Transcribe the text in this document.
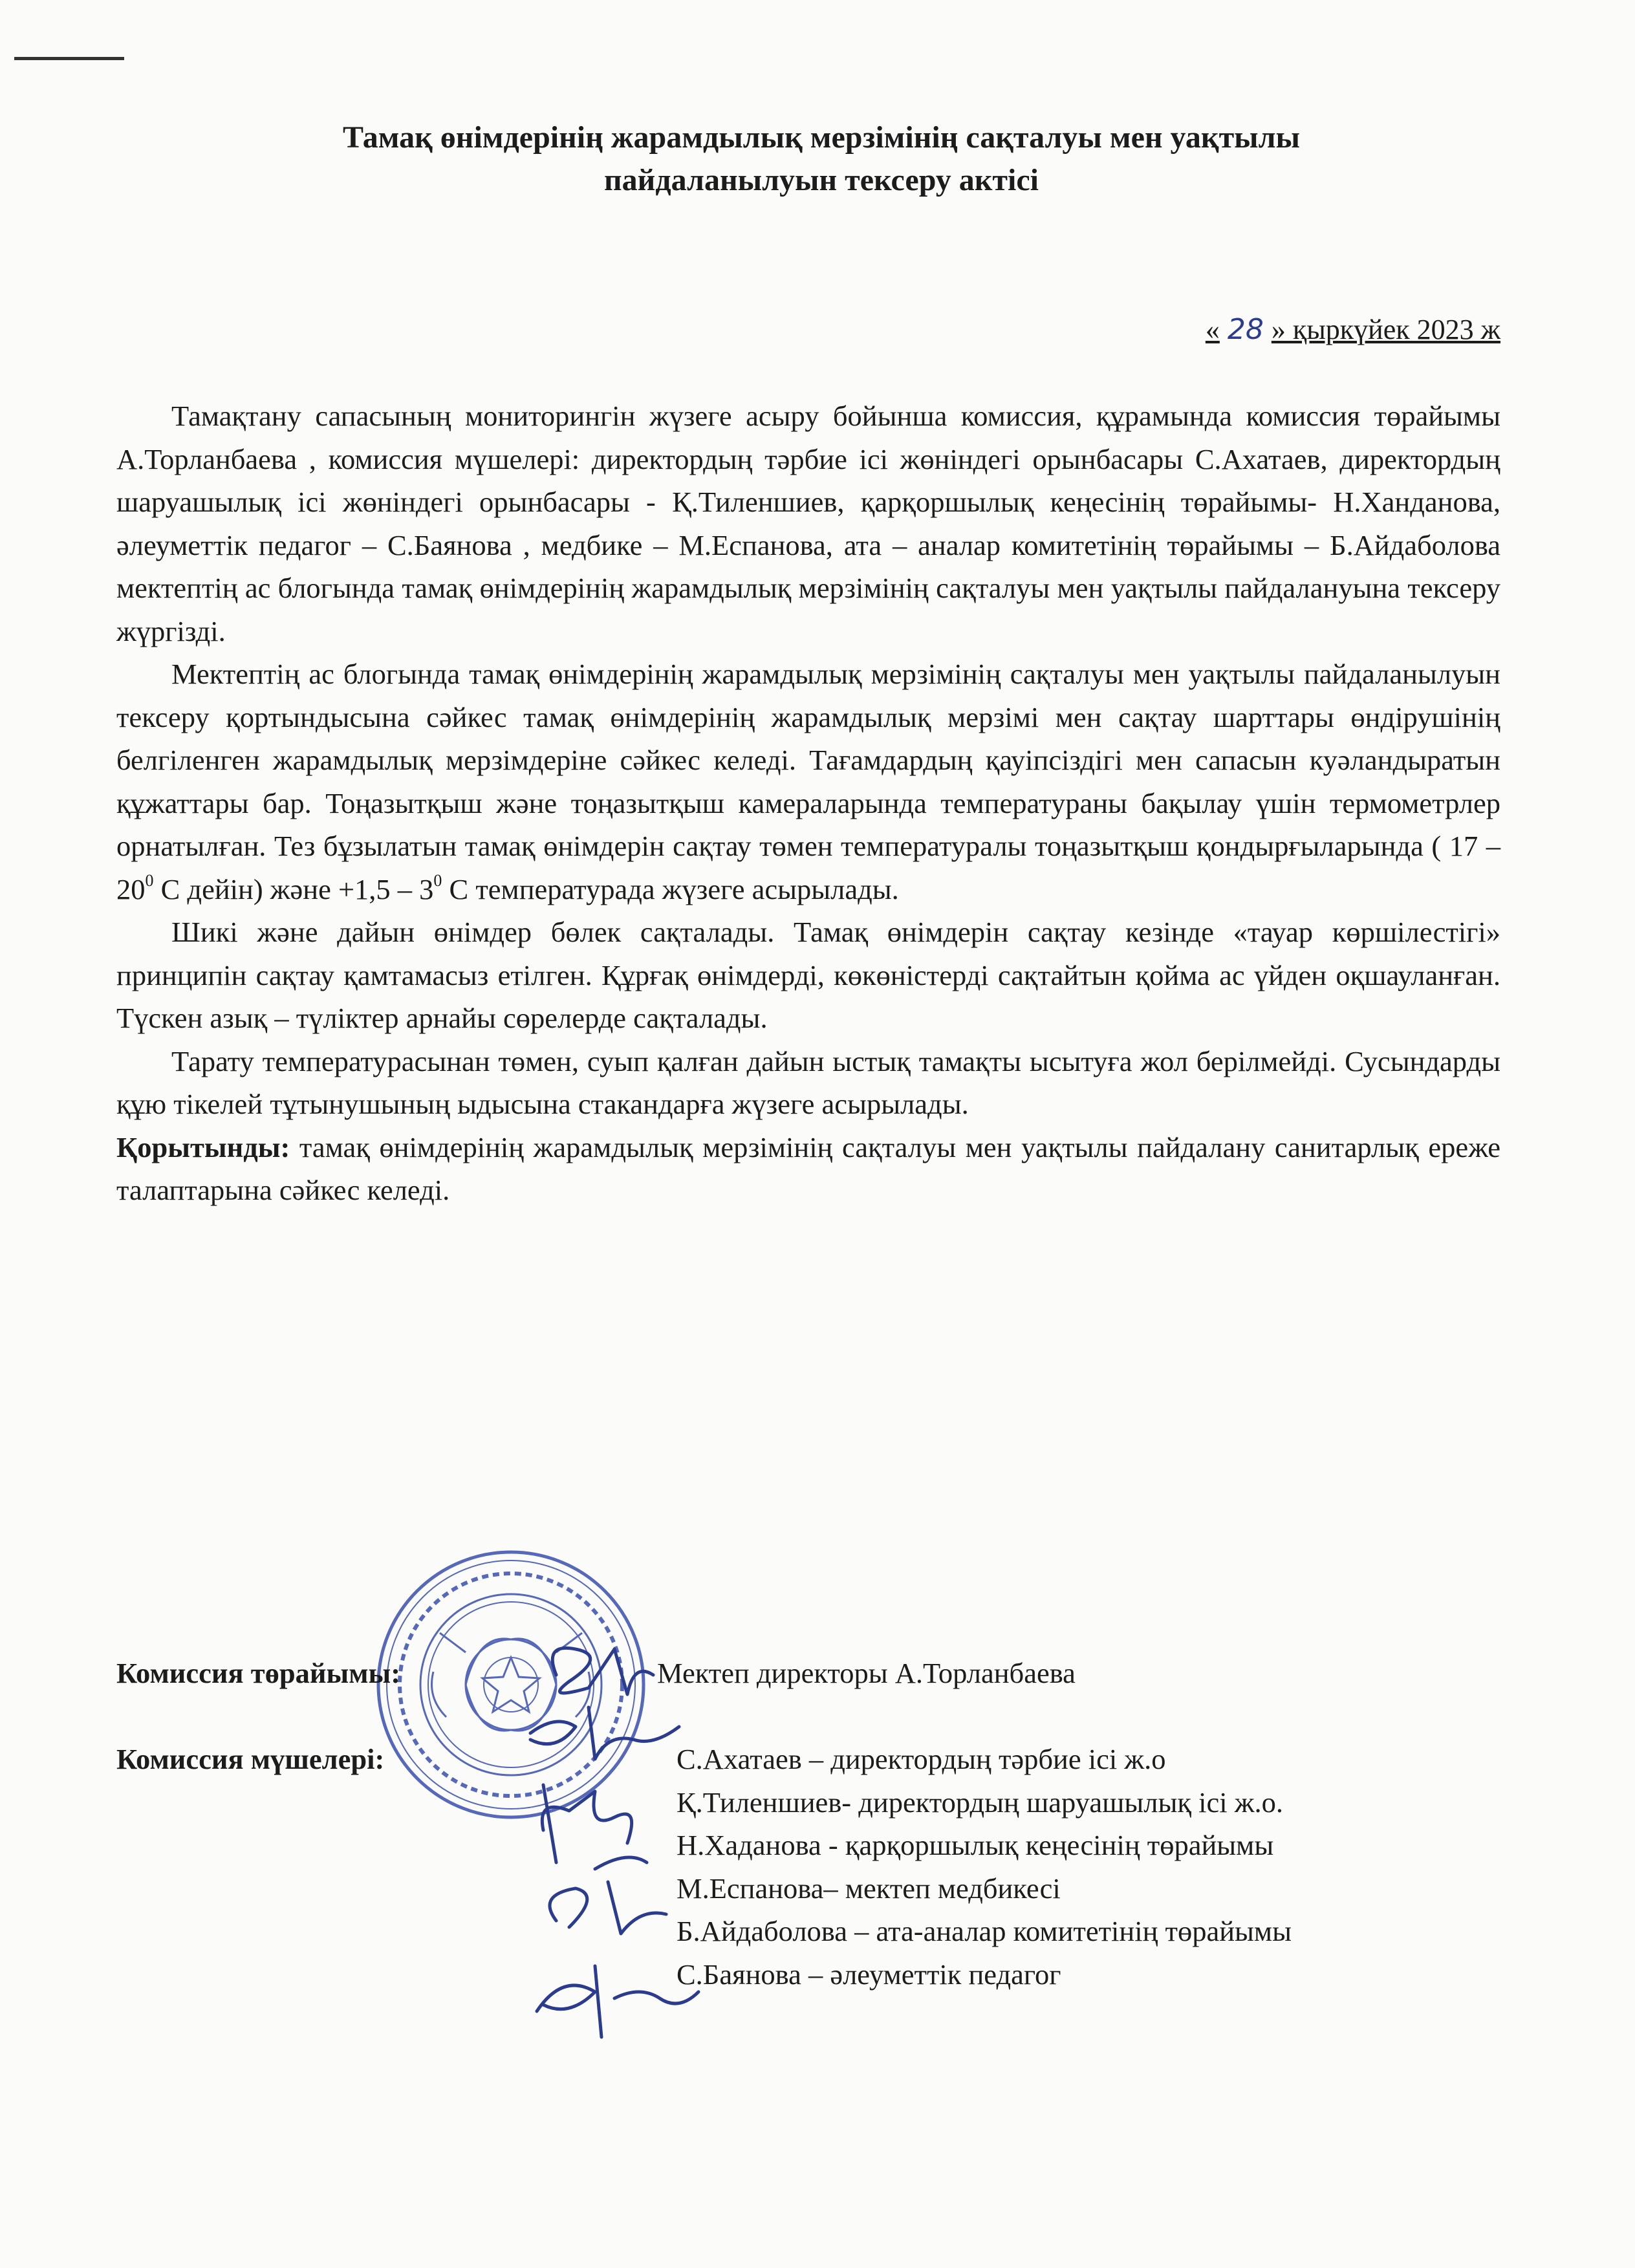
Тамақ өнімдерінің жарамдылық мерзімінің сақталуы мен уақтылы
пайдаланылуын тексеру актісі
« 28 » қыркүйек 2023 ж

Тамақтану сапасының мониторингін жүзеге асыру бойынша комиссия, құрамында комиссия төрайымы А.Торланбаева , комиссия мүшелері: директордың тәрбие ісі жөніндегі орынбасары С.Ахатаев, директордың шаруашылық ісі жөніндегі орынбасары - Қ.Тиленшиев, қарқоршылық кеңесінің төрайымы- Н.Ханданова, әлеуметтік педагог – С.Баянова , медбике – М.Еспанова, ата – аналар комитетінің төрайымы – Б.Айдаболова мектептің ас блогында тамақ өнімдерінің жарамдылық мерзімінің сақталуы мен уақтылы пайдалануына тексеру жүргізді.

Мектептің ас блогында тамақ өнімдерінің жарамдылық мерзімінің сақталуы мен уақтылы пайдаланылуын тексеру қортындысына сәйкес тамақ өнімдерінің жарамдылық мерзімі мен сақтау шарттары өндірушінің белгіленген жарамдылық мерзімдеріне сәйкес келеді. Тағамдардың қауіпсіздігі мен сапасын куәландыратын құжаттары бар. Тоңазытқыш және тоңазытқыш камераларында температураны бақылау үшін термометрлер орнатылған. Тез бұзылатын тамақ өнімдерін сақтау төмен температуралы тоңазытқыш қондырғыларында ( $17 - 20^0$ С дейін) және $+1,5 - 3^0$ С температурада жүзеге асырылады.

Шикі және дайын өнімдер бөлек сақталады. Тамақ өнімдерін сақтау кезінде «тауар көршілестігі» принципін сақтау қамтамасыз етілген. Құрғақ өнімдерді, көкөністерді сақтайтын қойма ас үйден оқшауланған. Түскен азық – түліктер арнайы сөрелерде сақталады.

Тарату температурасынан төмен, суып қалған дайын ыстық тамақты ысытуға жол берілмейді. Сусындарды құю тікелей тұтынушының ыдысына стакандарға жүзеге асырылады.

Қорытынды: тамақ өнімдерінің жарамдылық мерзімінің сақталуы мен уақтылы пайдалану санитарлық ереже талаптарына сәйкес келеді.

Комиссия төрайымы:	Мектеп директоры А.Торланбаева
Комиссия мүшелері:	С.Ахатаев – директордың тәрбие ісі ж.о
Қ.Тиленшиев- директордың шаруашылық ісі ж.о.
Н.Хаданова - қарқоршылық кеңесінің төрайымы
М.Еспанова– мектеп медбикесі
Б.Айдаболова – ата-аналар комитетінің төрайымы
С.Баянова – әлеуметтік педагог
